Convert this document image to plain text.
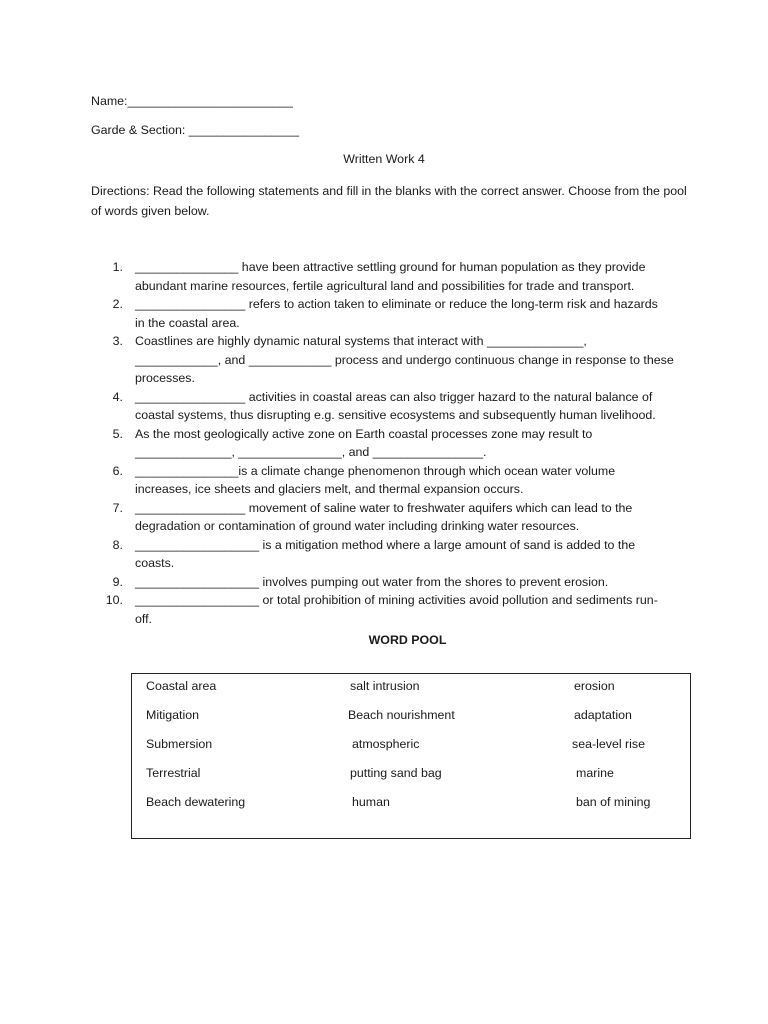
Name:________________________
Garde & Section: ________________
Written Work 4
Directions: Read the following statements and fill in the blanks with the correct answer. Choose from the pool of words given below.
1. _______________ have been attractive settling ground for human population as they provide
abundant marine resources, fertile agricultural land and possibilities for trade and transport.
2. ________________ refers to action taken to eliminate or reduce the long-term risk and hazards
in the coastal area.
3. Coastlines are highly dynamic natural systems that interact with ______________,
____________, and ____________ process and undergo continuous change in response to these
processes.
4. ________________ activities in coastal areas can also trigger hazard to the natural balance of
coastal systems, thus disrupting e.g. sensitive ecosystems and subsequently human livelihood.
5. As the most geologically active zone on Earth coastal processes zone may result to
______________, _______________, and ________________.
6. _______________is a climate change phenomenon through which ocean water volume
increases, ice sheets and glaciers melt, and thermal expansion occurs.
7. ________________ movement of saline water to freshwater aquifers which can lead to the
degradation or contamination of ground water including drinking water resources.
8. __________________ is a mitigation method where a large amount of sand is added to the
coasts.
9. __________________ involves pumping out water from the shores to prevent erosion.
10. __________________ or total prohibition of mining activities avoid pollution and sediments run-
off.
WORD POOL
Coastal area	salt intrusion	erosion
Mitigation	Beach nourishment	adaptation
Submersion	atmospheric	sea-level rise
Terrestrial	putting sand bag	marine
Beach dewatering	human	ban of mining
